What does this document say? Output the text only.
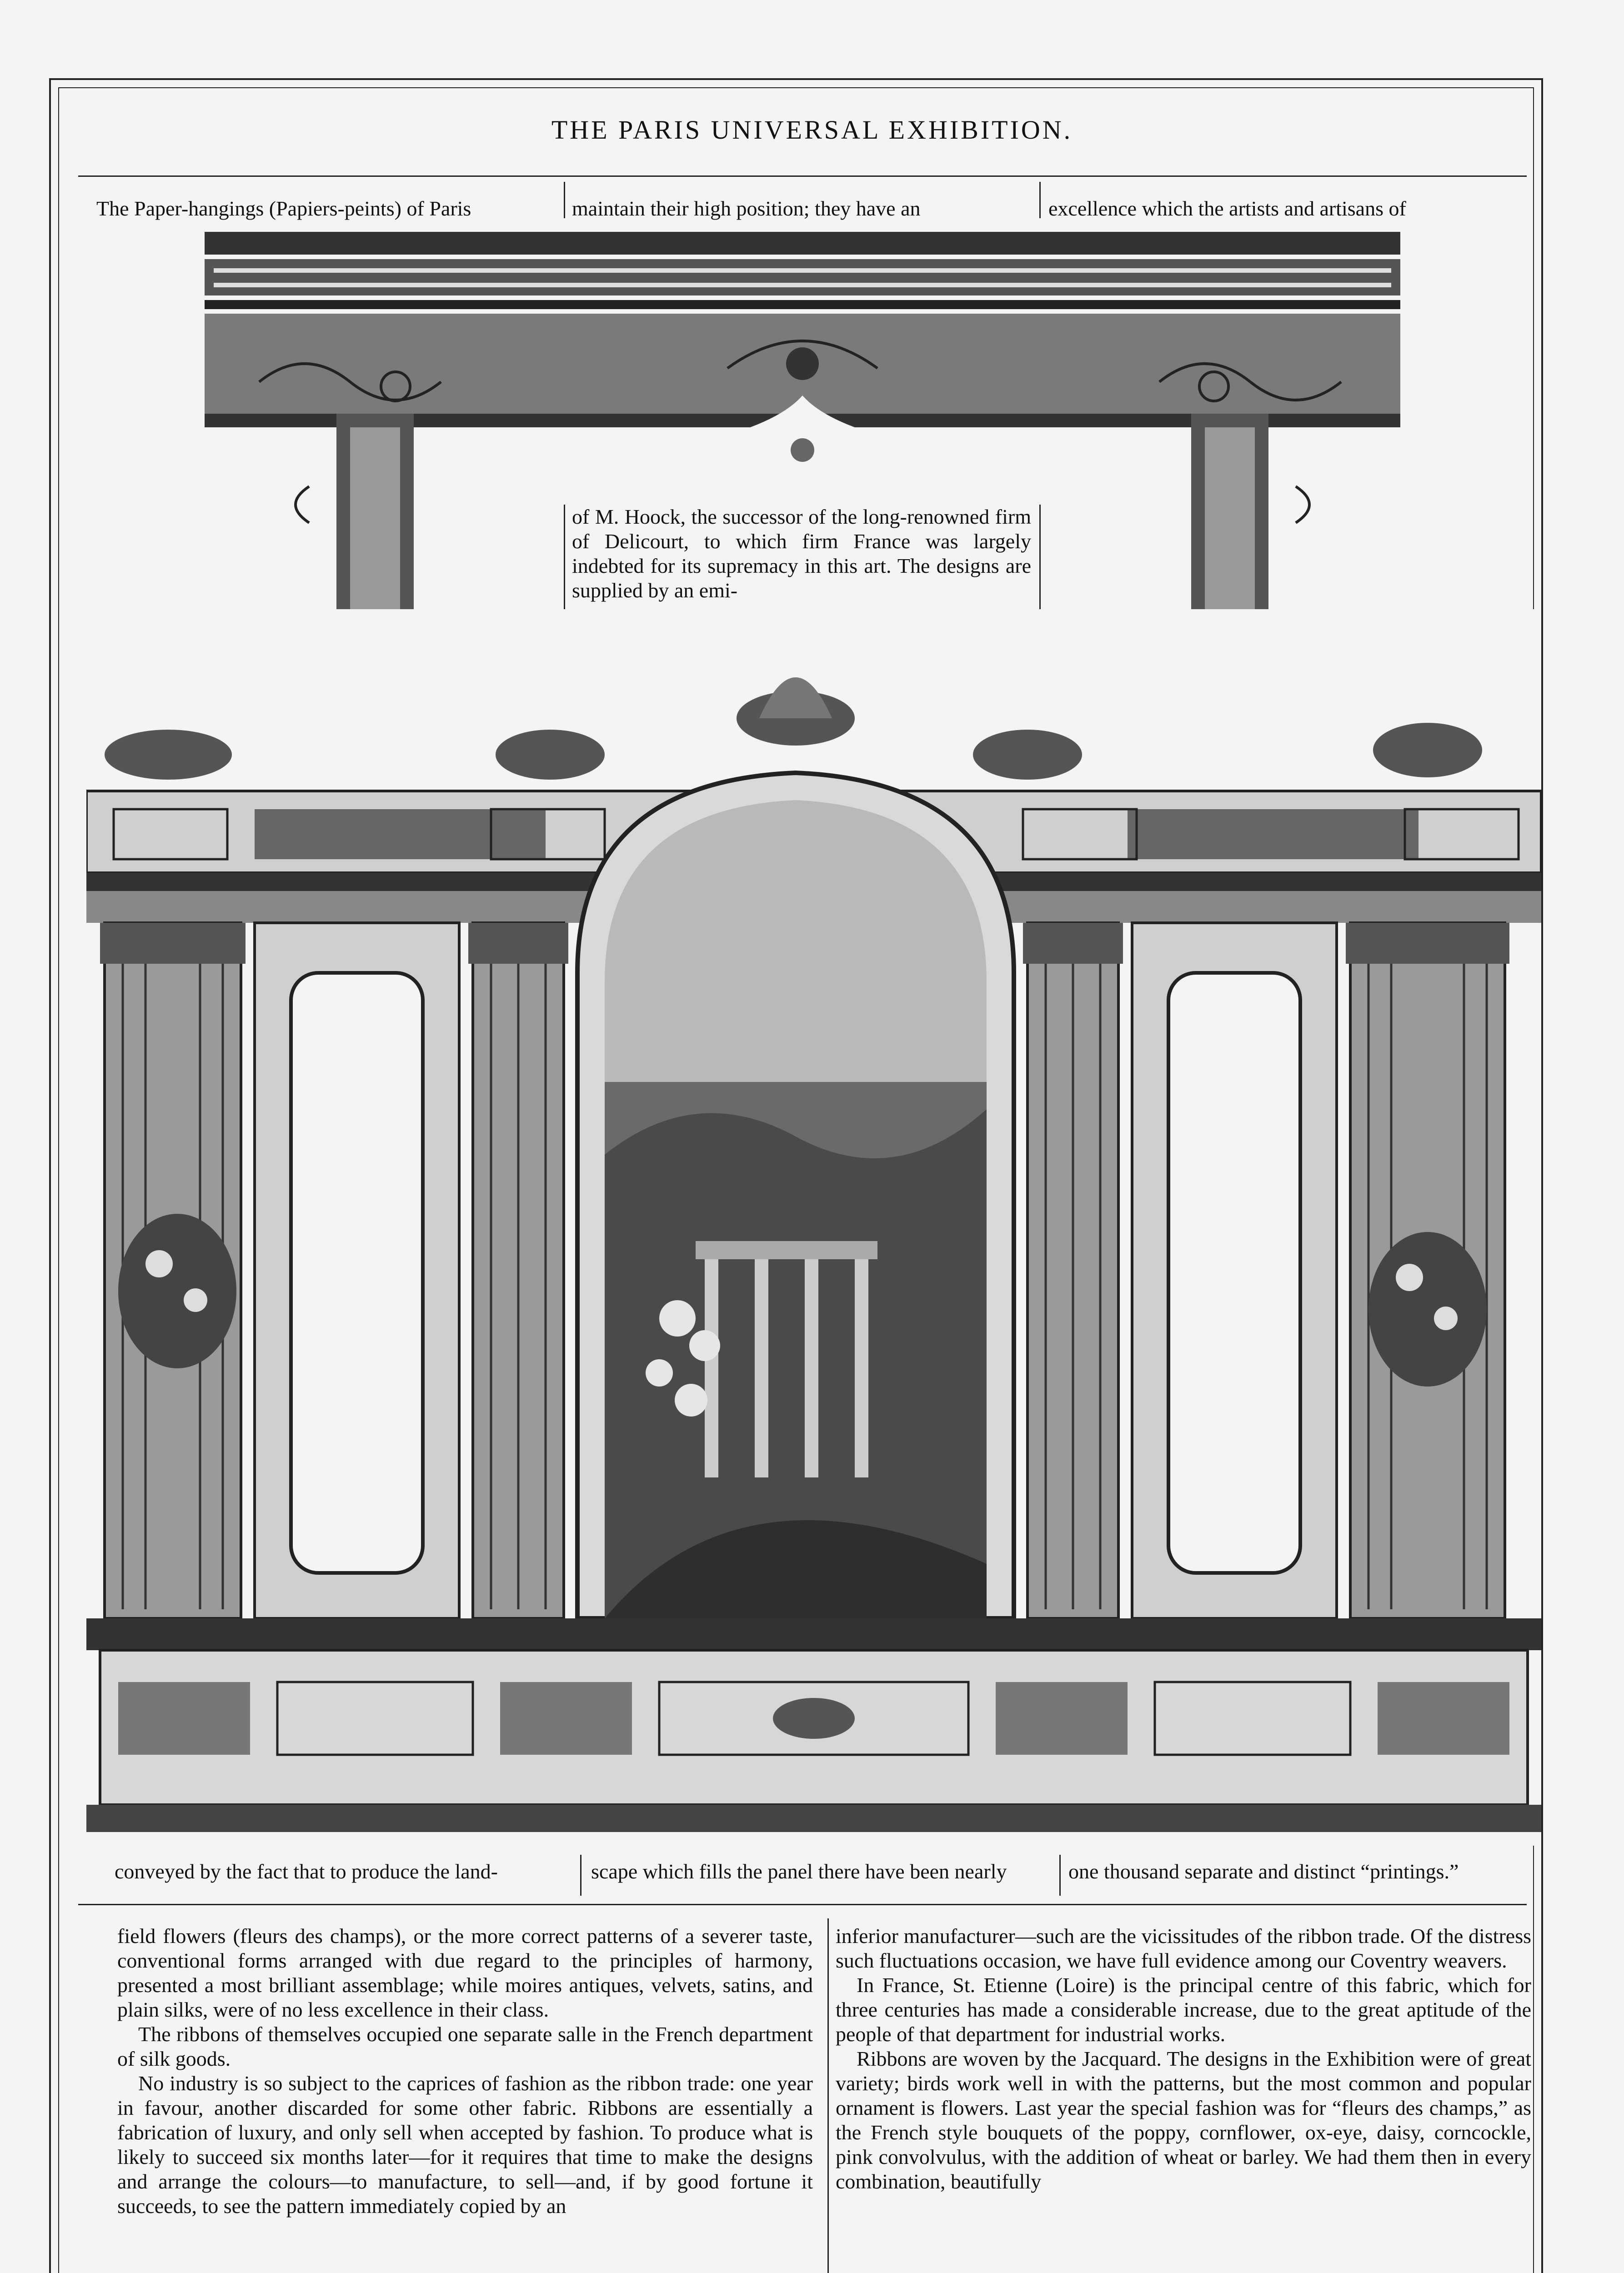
THE PARIS UNIVERSAL EXHIBITION.
The Paper-hangings (Papiers-peints) of Paris	maintain their high position; they have an	excellence which the artists and artisans of

of M. Hoock, the successor of the long-renowned firm of Delicourt, to which firm France was largely indebted for its supremacy in this art. The designs are supplied by an emi-

conveyed by the fact that to produce the land-	scape which fills the panel there have been nearly	one thousand separate and distinct “printings.”

field flowers (fleurs des champs), or the more correct patterns of a severer taste, conventional forms arranged with due regard to the principles of harmony, presented a most brilliant assemblage; while moires antiques, velvets, satins, and plain silks, were of no less excellence in their class.

The ribbons of themselves occupied one separate salle in the French department of silk goods.

No industry is so subject to the caprices of fashion as the ribbon trade: one year in favour, another discarded for some other fabric. Ribbons are essentially a fabrication of luxury, and only sell when accepted by fashion. To produce what is likely to succeed six months later—for it requires that time to make the designs and arrange the colours—to manufacture, to sell—and, if by good fortune it succeeds, to see the pattern immediately copied by an

inferior manufacturer—such are the vicissitudes of the ribbon trade. Of the distress such fluctuations occasion, we have full evidence among our Coventry weavers.

In France, St. Etienne (Loire) is the principal centre of this fabric, which for three centuries has made a considerable increase, due to the great aptitude of the people of that department for industrial works.

Ribbons are woven by the Jacquard. The designs in the Exhibition were of great variety; birds work well in with the patterns, but the most common and popular ornament is flowers. Last year the special fashion was for “fleurs des champs,” as the French style bouquets of the poppy, cornflower, ox-eye, daisy, corncockle, pink convolvulus, with the addition of wheat or barley. We had them then in every combination, beautifully
